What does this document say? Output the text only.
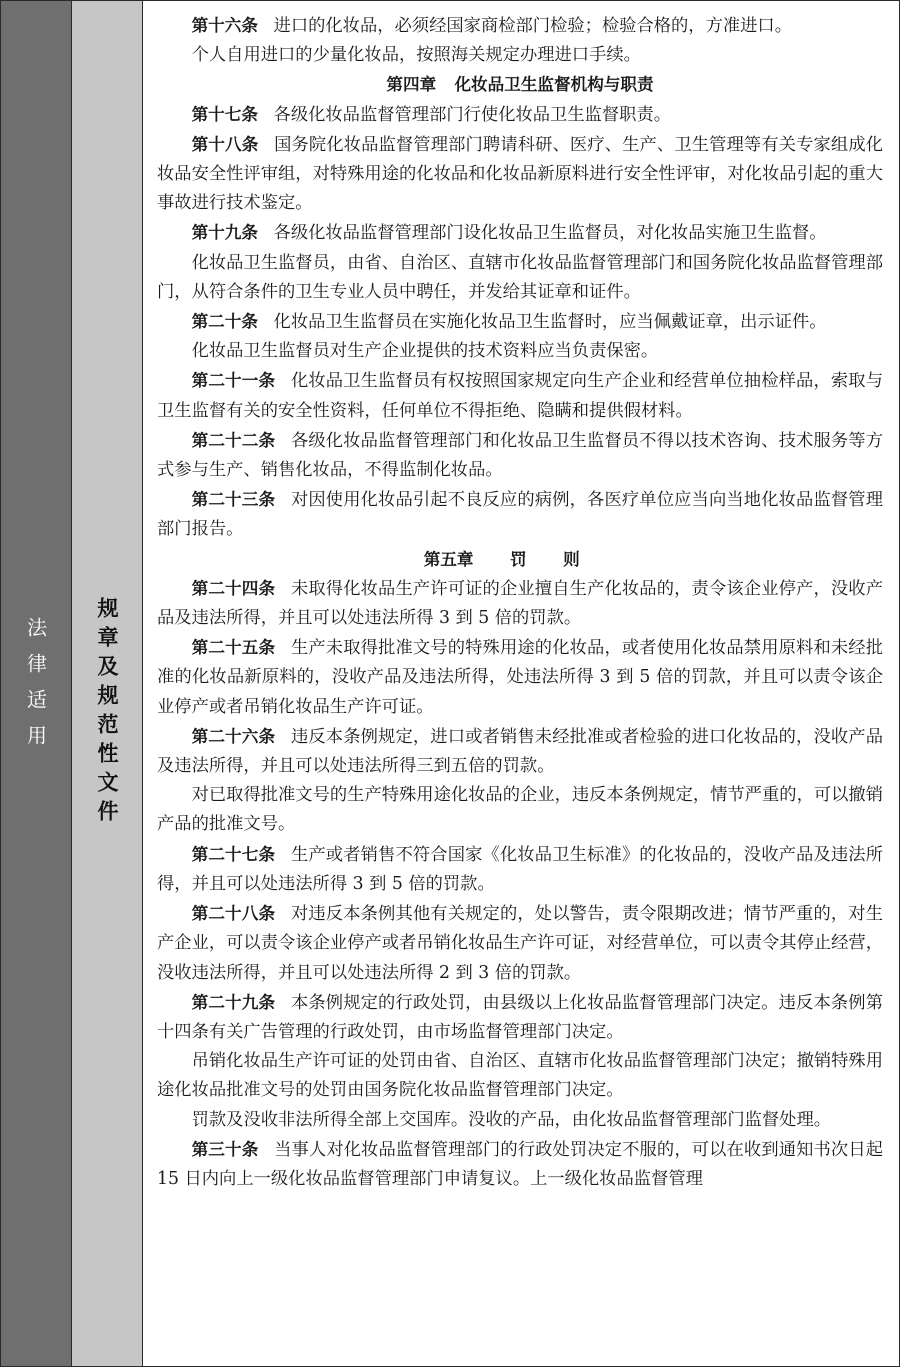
法律适用 规章及规范性文件

第十六条 进口的化妆品，必须经国家商检部门检验；检验合格的，方准进口。

个人自用进口的少量化妆品，按照海关规定办理进口手续。

第四章 化妆品卫生监督机构与职责

第十七条 各级化妆品监督管理部门行使化妆品卫生监督职责。

第十八条 国务院化妆品监督管理部门聘请科研、医疗、生产、卫生管理等有关专家组成化妆品安全性评审组，对特殊用途的化妆品和化妆品新原料进行安全性评审，对化妆品引起的重大事故进行技术鉴定。

第十九条 各级化妆品监督管理部门设化妆品卫生监督员，对化妆品实施卫生监督。

化妆品卫生监督员，由省、自治区、直辖市化妆品监督管理部门和国务院化妆品监督管理部门，从符合条件的卫生专业人员中聘任，并发给其证章和证件。

第二十条 化妆品卫生监督员在实施化妆品卫生监督时，应当佩戴证章，出示证件。

化妆品卫生监督员对生产企业提供的技术资料应当负责保密。

第二十一条 化妆品卫生监督员有权按照国家规定向生产企业和经营单位抽检样品，索取与卫生监督有关的安全性资料，任何单位不得拒绝、隐瞒和提供假材料。

第二十二条 各级化妆品监督管理部门和化妆品卫生监督员不得以技术咨询、技术服务等方式参与生产、销售化妆品，不得监制化妆品。

第二十三条 对因使用化妆品引起不良反应的病例，各医疗单位应当向当地化妆品监督管理部门报告。

第五章 罚则

第二十四条 未取得化妆品生产许可证的企业擅自生产化妆品的，责令该企业停产，没收产品及违法所得，并且可以处违法所得 3 到 5 倍的罚款。

第二十五条 生产未取得批准文号的特殊用途的化妆品，或者使用化妆品禁用原料和未经批准的化妆品新原料的，没收产品及违法所得，处违法所得 3 到 5 倍的罚款，并且可以责令该企业停产或者吊销化妆品生产许可证。

第二十六条 违反本条例规定，进口或者销售未经批准或者检验的进口化妆品的，没收产品及违法所得，并且可以处违法所得三到五倍的罚款。

对已取得批准文号的生产特殊用途化妆品的企业，违反本条例规定，情节严重的，可以撤销产品的批准文号。

第二十七条 生产或者销售不符合国家《化妆品卫生标准》的化妆品的，没收产品及违法所得，并且可以处违法所得 3 到 5 倍的罚款。

第二十八条 对违反本条例其他有关规定的，处以警告，责令限期改进；情节严重的，对生产企业，可以责令该企业停产或者吊销化妆品生产许可证，对经营单位，可以责令其停止经营，没收违法所得，并且可以处违法所得 2 到 3 倍的罚款。

第二十九条 本条例规定的行政处罚，由县级以上化妆品监督管理部门决定。违反本条例第十四条有关广告管理的行政处罚，由市场监督管理部门决定。

吊销化妆品生产许可证的处罚由省、自治区、直辖市化妆品监督管理部门决定；撤销特殊用途化妆品批准文号的处罚由国务院化妆品监督管理部门决定。

罚款及没收非法所得全部上交国库。没收的产品，由化妆品监督管理部门监督处理。

第三十条 当事人对化妆品监督管理部门的行政处罚决定不服的，可以在收到通知书次日起 15 日内向上一级化妆品监督管理部门申请复议。上一级化妆品监督管理
